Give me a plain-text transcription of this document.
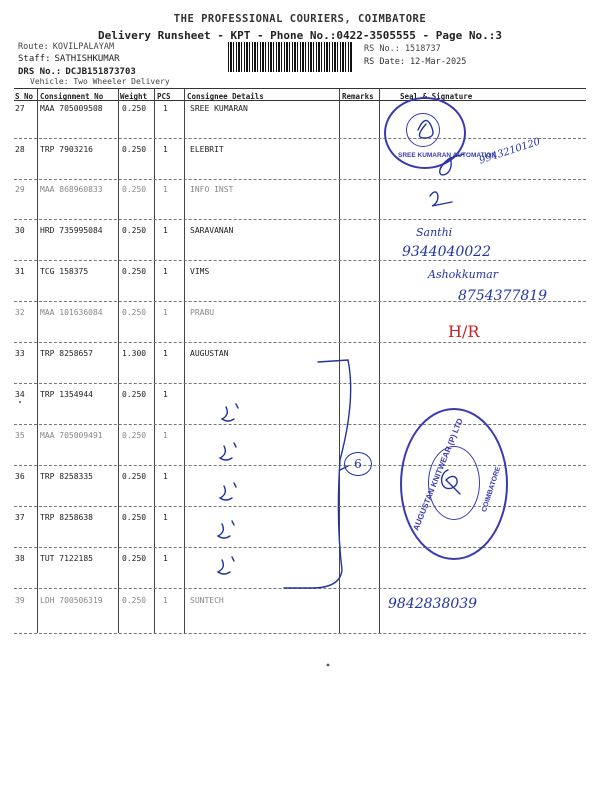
THE PROFESSIONAL COURIERS, COIMBATORE
Delivery Runsheet - KPT - Phone No.:0422-3505555 - Page No.:3
Route: KOVILPALAYAM
Staff: SATHISHKUMAR
DRS No.: DCJB151873703
Vehicle: Two Wheeler Delivery
RS No.: 1518737
RS Date: 12-Mar-2025
S No Consignment No Weight PCS Consignee Details	Remarks	Seal & Signature
27 MAA 705009508 0.250 1	SREE KUMARAN
28 TRP 7903216	0.250 1	ELEBRIT
29 MAA 868960833 0.250 1	INFO INST
30 HRD 735995084 0.250 1	SARAVANAN
31 TCG 158375	0.250 1	VIMS
32 MAA 101636084 0.250 1	PRABU
33 TRP 8258657	1.300 1	AUGUSTAN
34 TRP 1354944	0.250 1
35 MAA 705009491 0.250 1
36 TRP 8258335	0.250 1
37 TRP 8258638	0.250 1
38 TUT 7122185	0.250 1
39 LDH 700506319 0.250 1	SUNTECH
SREE KUMARAN AUTOMATION
AUGUSTAN KNITWEAR (P) LTD COIMBATORE
9943210120
Santhi
9344040022
Ashokkumar
8754377819
H/R
9842838039
6
